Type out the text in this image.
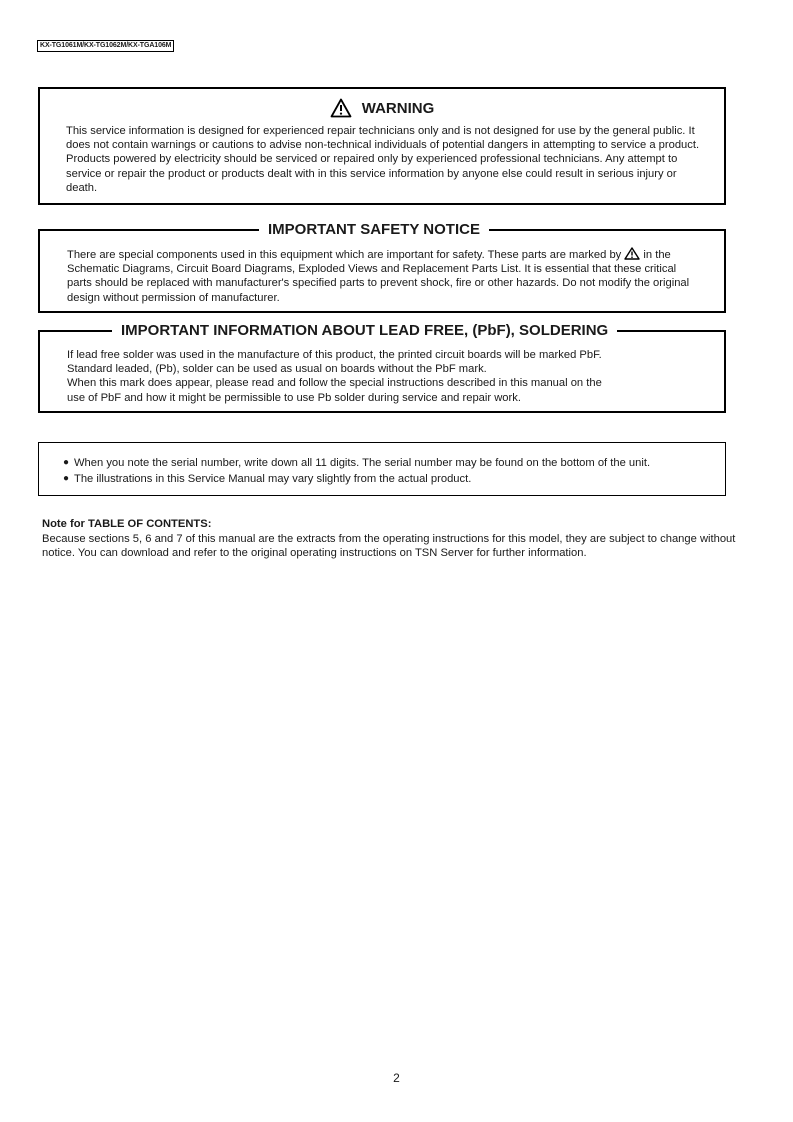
KX-TG1061M/KX-TG1062M/KX-TGA106M
WARNING
This service information is designed for experienced repair technicians only and is not designed for use by the general public. It does not contain warnings or cautions to advise non-technical individuals of potential dangers in attempting to service a product. Products powered by electricity should be serviced or repaired only by experienced professional technicians. Any attempt to service or repair the product or products dealt with in this service information by anyone else could result in serious injury or death.
IMPORTANT SAFETY NOTICE
There are special components used in this equipment which are important for safety. These parts are marked by in the Schematic Diagrams, Circuit Board Diagrams, Exploded Views and Replacement Parts List. It is essential that these critical parts should be replaced with manufacturer's specified parts to prevent shock, fire or other hazards. Do not modify the original design without permission of manufacturer.
IMPORTANT INFORMATION ABOUT LEAD FREE, (PbF), SOLDERING
If lead free solder was used in the manufacture of this product, the printed circuit boards will be marked PbF.
Standard leaded, (Pb), solder can be used as usual on boards without the PbF mark.
When this mark does appear, please read and follow the special instructions described in this manual on the
use of PbF and how it might be permissible to use Pb solder during service and repair work.
● When you note the serial number, write down all 11 digits. The serial number may be found on the bottom of the unit.
● The illustrations in this Service Manual may vary slightly from the actual product.
Note for TABLE OF CONTENTS:
Because sections 5, 6 and 7 of this manual are the extracts from the operating instructions for this model, they are subject to change without notice. You can download and refer to the original operating instructions on TSN Server for further information.
2
